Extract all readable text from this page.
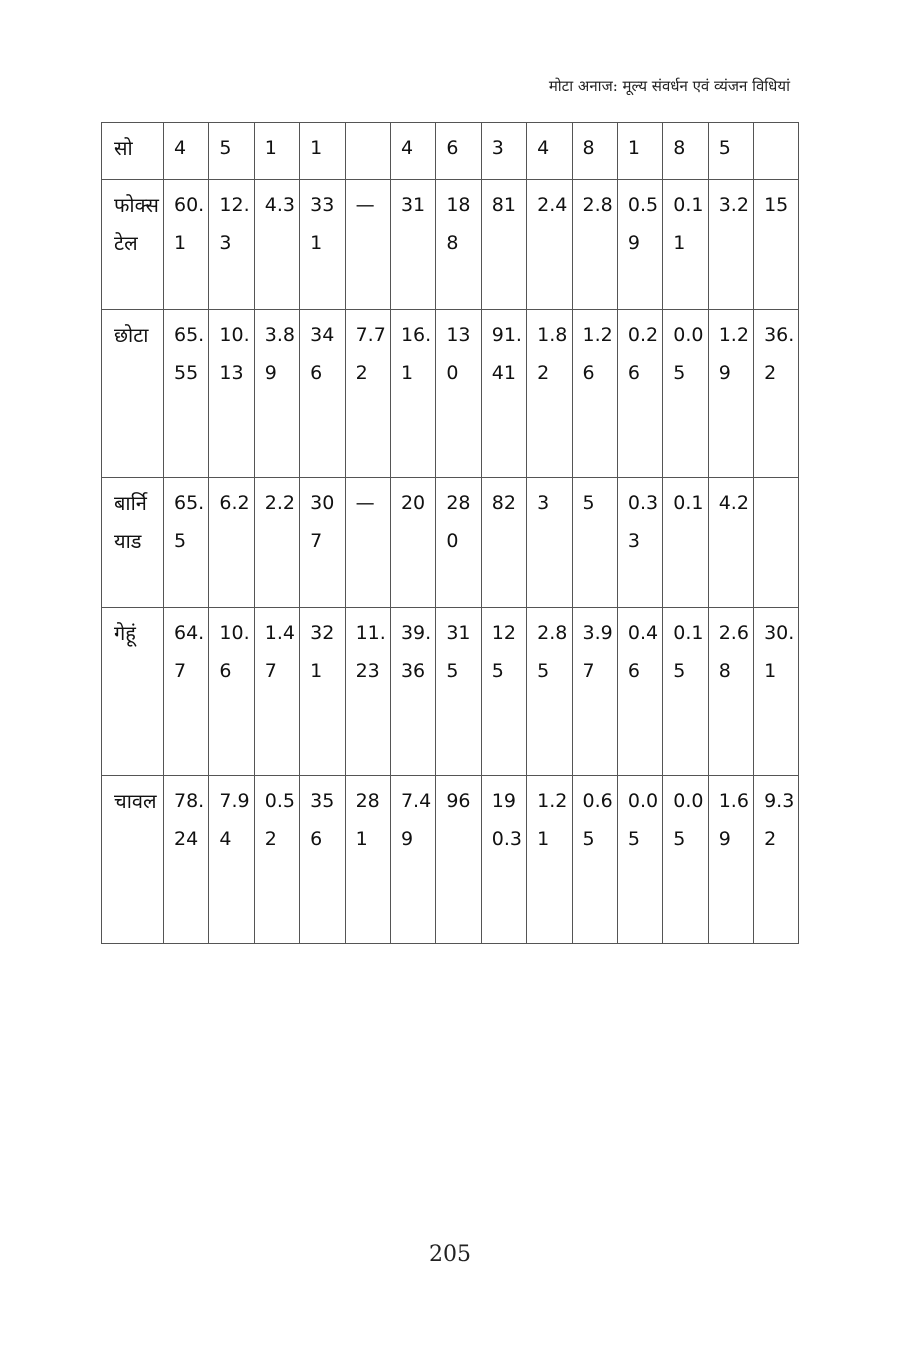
मोटा अनाज: मूल्य संवर्धन एवं व्यंजन विधियां
सो	4	5	1	1		4	6	3	4	8	1	8	5	
फोक्सटेल	60.1	12.3	4.3	331	—	31	188	81	2.4	2.8	0.59	0.11	3.2	15
छोटा	65.55	10.13	3.89	346	7.72	16.1	130	91.41	1.82	1.26	0.26	0.05	1.29	36.2
बार्नियाड	65.5	6.2	2.2	307	—	20	280	82	3	5	0.33	0.1	4.2	
गेहूं	64.7	10.6	1.47	321	11.23	39.36	315	125	2.85	3.97	0.46	0.15	2.68	30.1
चावल	78.24	7.94	0.52	356	281	7.49	96	190.3	1.21	0.65	0.05	0.05	1.69	9.32
205
